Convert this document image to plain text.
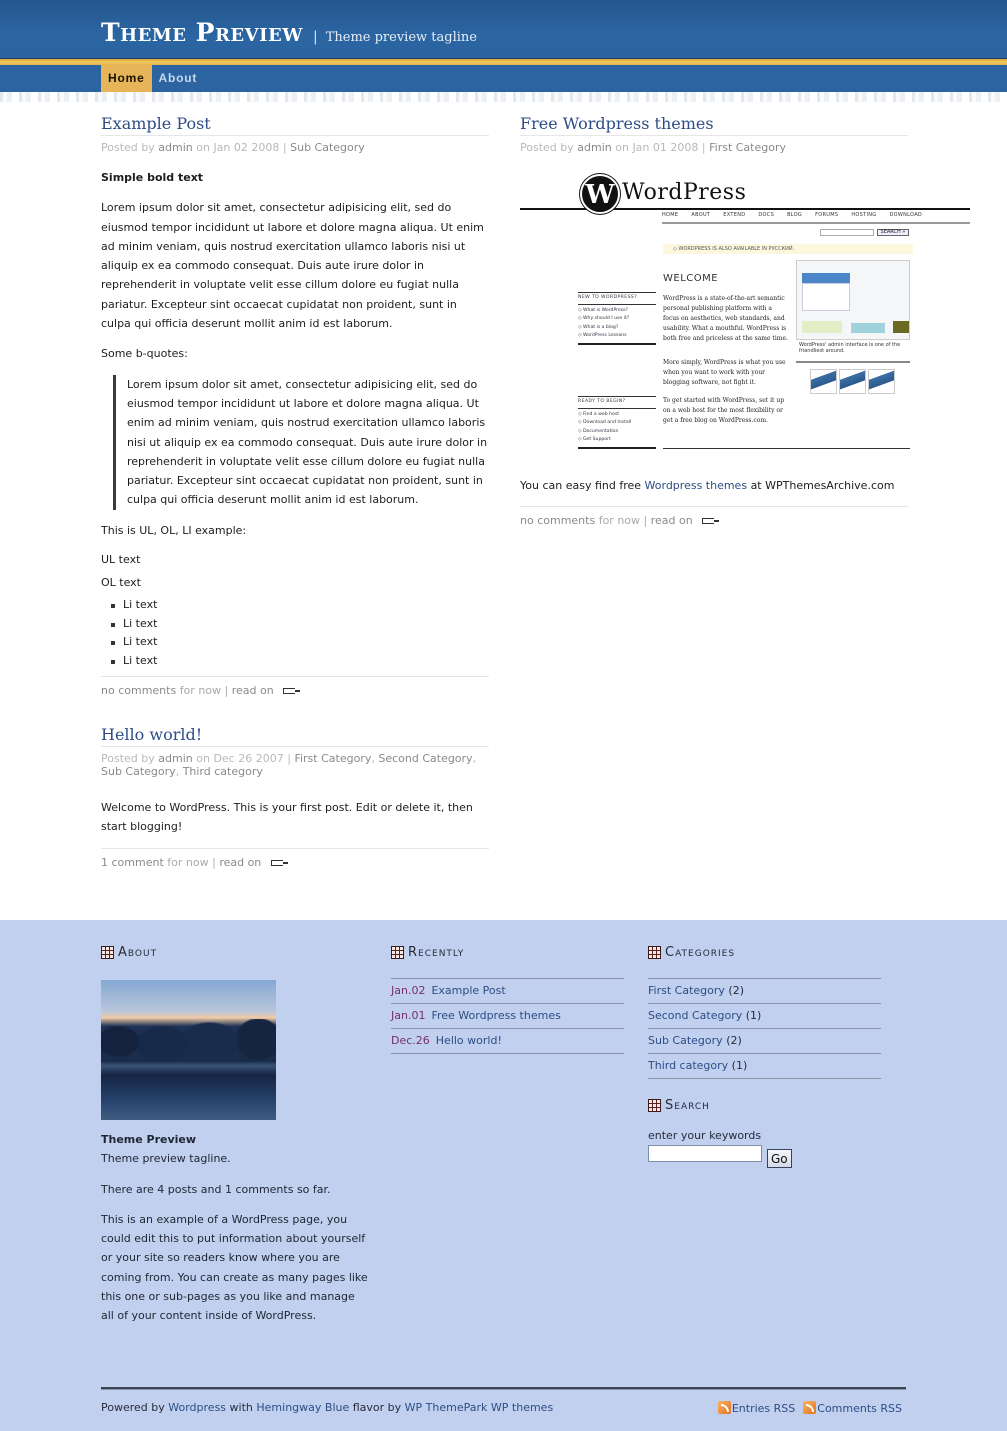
Theme Preview | Theme preview tagline
Home	About
Example Post
Posted by admin on Jan 02 2008 | Sub Category

Simple bold text

Lorem ipsum dolor sit amet, consectetur adipisicing elit, sed do eiusmod tempor incididunt ut labore et dolore magna aliqua. Ut enim ad minim veniam, quis nostrud exercitation ullamco laboris nisi ut aliquip ex ea commodo consequat. Duis aute irure dolor in reprehenderit in voluptate velit esse cillum dolore eu fugiat nulla pariatur. Excepteur sint occaecat cupidatat non proident, sunt in culpa qui officia deserunt mollit anim id est laborum.

Some b-quotes:

Lorem ipsum dolor sit amet, consectetur adipisicing elit, sed do eiusmod tempor incididunt ut labore et dolore magna aliqua. Ut enim ad minim veniam, quis nostrud exercitation ullamco laboris nisi ut aliquip ex ea commodo consequat. Duis aute irure dolor in reprehenderit in voluptate velit esse cillum dolore eu fugiat nulla pariatur. Excepteur sint occaecat cupidatat non proident, sunt in culpa qui officia deserunt mollit anim id est laborum.

This is UL, OL, LI example:

UL text

OL text

Li text
Li text
Li text
Li text
no comments for now | read on
Hello world!
Posted by admin on Dec 26 2007 | First Category, Second Category, Sub Category, Third category

Welcome to WordPress. This is your first post. Edit or delete it, then start blogging!

1 comment for now | read on
Free Wordpress themes
Posted by admin on Jan 01 2008 | First Category
W WordPress
HOME	ABOUT	EXTEND	DOCS	BLOG	FORUMS	HOSTING	DOWNLOAD
SEARCH »
◇ WORDPRESS IS ALSO AVAILABLE IN РУССКИЙ.
WELCOME
WordPress is a state-of-the-art semantic personal publishing platform with a focus on aesthetics, web standards, and usability. What a mouthful. WordPress is both free and priceless at the same time.
More simply, WordPress is what you use when you want to work with your blogging software, not fight it.
To get started with WordPress, set it up on a web host for the most flexibility or get a free blog on WordPress.com.
NEW TO WORDPRESS?
◇ What is WordPress?
◇ Why should I use it?
◇ What is a blog?
◇ WordPress Lessons
READY TO BEGIN?
◇ Find a web host
◇ Download and Install
◇ Documentation
◇ Get Support
WordPress' admin interface is one of the friendliest around.

You can easy find free Wordpress themes at WPThemesArchive.com

no comments for now | read on
About
Theme Preview

Theme preview tagline.

There are 4 posts and 1 comments so far.

This is an example of a WordPress page, you could edit this to put information about yourself or your site so readers know where you are coming from. You can create as many pages like this one or sub-pages as you like and manage all of your content inside of WordPress.

Recently
Jan.02 Example Post
Jan.01 Free Wordpress themes
Dec.26 Hello world!
Categories
First Category (2)
Second Category (1)
Sub Category (2)
Third category (1)
Search
enter your keywords
Go
Powered by Wordpress with Hemingway Blue flavor by WP ThemePark WP themes	Entries RSS	Comments RSS
